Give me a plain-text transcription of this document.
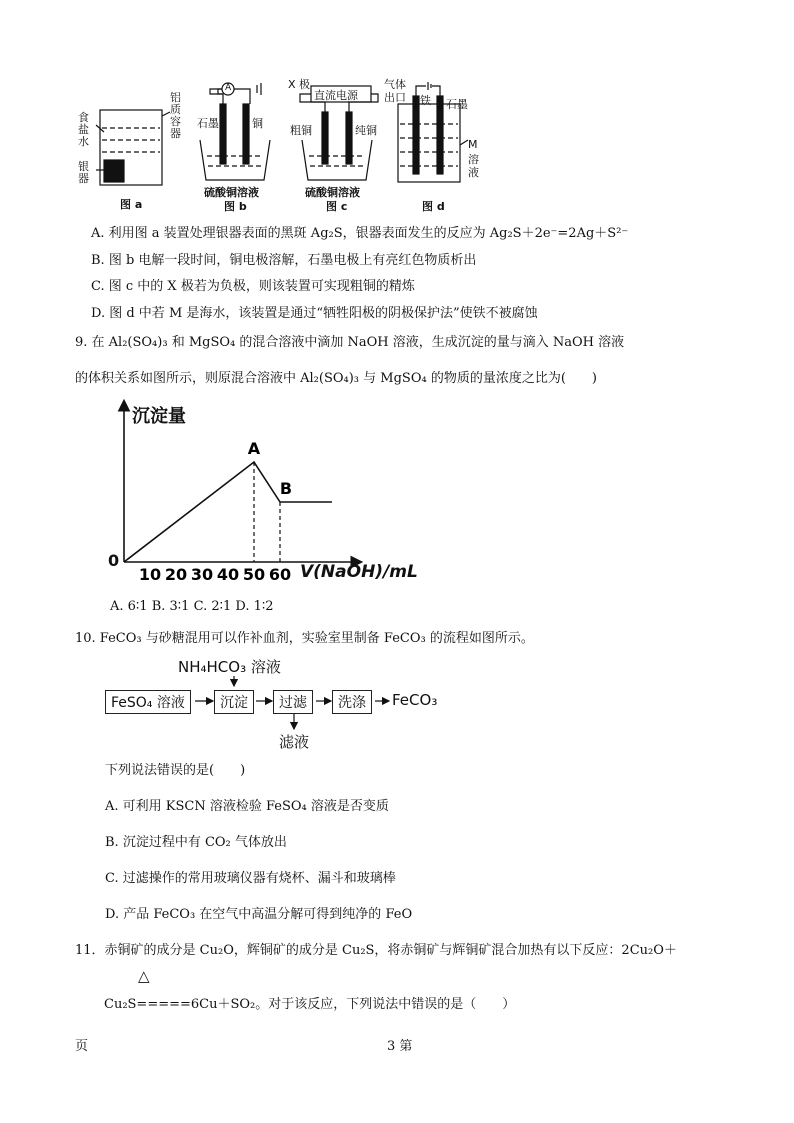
食
盐
水
银
器
铝
质
容
器
图 a
A
石墨	铜
硫酸铜溶液
图 b
X 极
直流电源
粗铜	纯铜
硫酸铜溶液
图 c
气体
出口 铁 石墨
M
溶
液
图 d
A. 利用图 a 装置处理银器表面的黑斑 Ag₂S，银器表面发生的反应为 Ag₂S＋2e⁻=2Ag＋S²⁻
B. 图 b 电解一段时间，铜电极溶解，石墨电极上有亮红色物质析出
C. 图 c 中的 X 极若为负极，则该装置可实现粗铜的精炼
D. 图 d 中若 M 是海水，该装置是通过“牺牲阳极的阴极保护法”使铁不被腐蚀
9. 在 Al₂(SO₄)₃ 和 MgSO₄ 的混合溶液中滴加 NaOH 溶液，生成沉淀的量与滴入 NaOH 溶液
的体积关系如图所示，则原混合溶液中 Al₂(SO₄)₃ 与 MgSO₄ 的物质的量浓度之比为(　　)
10 20 30 40 50 60
A
B
沉淀量
0
V(NaOH)/mL
A. 6∶1 B. 3∶1 C. 2∶1 D. 1∶2
10. FeCO₃ 与砂糖混用可以作补血剂，实验室里制备 FeCO₃ 的流程如图所示。
NH₄HCO₃ 溶液
FeSO₄ 溶液	沉淀	过滤	洗涤	FeCO₃
滤液
下列说法错误的是(　　)
A. 可利用 KSCN 溶液检验 FeSO₄ 溶液是否变质
B. 沉淀过程中有 CO₂ 气体放出
C. 过滤操作的常用玻璃仪器有烧杯、漏斗和玻璃棒
D. 产品 FeCO₃ 在空气中高温分解可得到纯净的 FeO
11．赤铜矿的成分是 Cu₂O，辉铜矿的成分是 Cu₂S，将赤铜矿与辉铜矿混合加热有以下反应：2Cu₂O＋
△
Cu₂S=====6Cu＋SO₂。对于该反应，下列说法中错误的是（　　）
页	3 第
